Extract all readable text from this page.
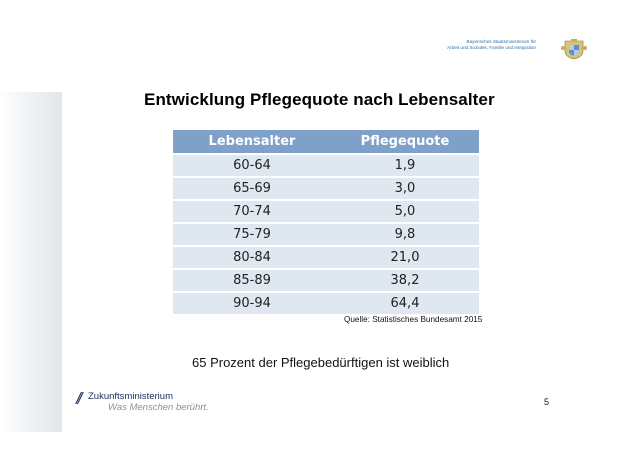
Bayerisches Staatsministerium für
Arbeit und Soziales, Familie und Integration
Entwicklung Pflegequote nach Lebensalter
Lebensalter	Pflegequote
60-64	1,9
65-69	3,0
70-74	5,0
75-79	9,8
80-84	21,0
85-89	38,2
90-94	64,4
Quelle: Statistisches Bundesamt 2015
65 Prozent der Pflegebedürftigen ist weiblich
// Zukunftsministerium
Was Menschen berührt.	5
